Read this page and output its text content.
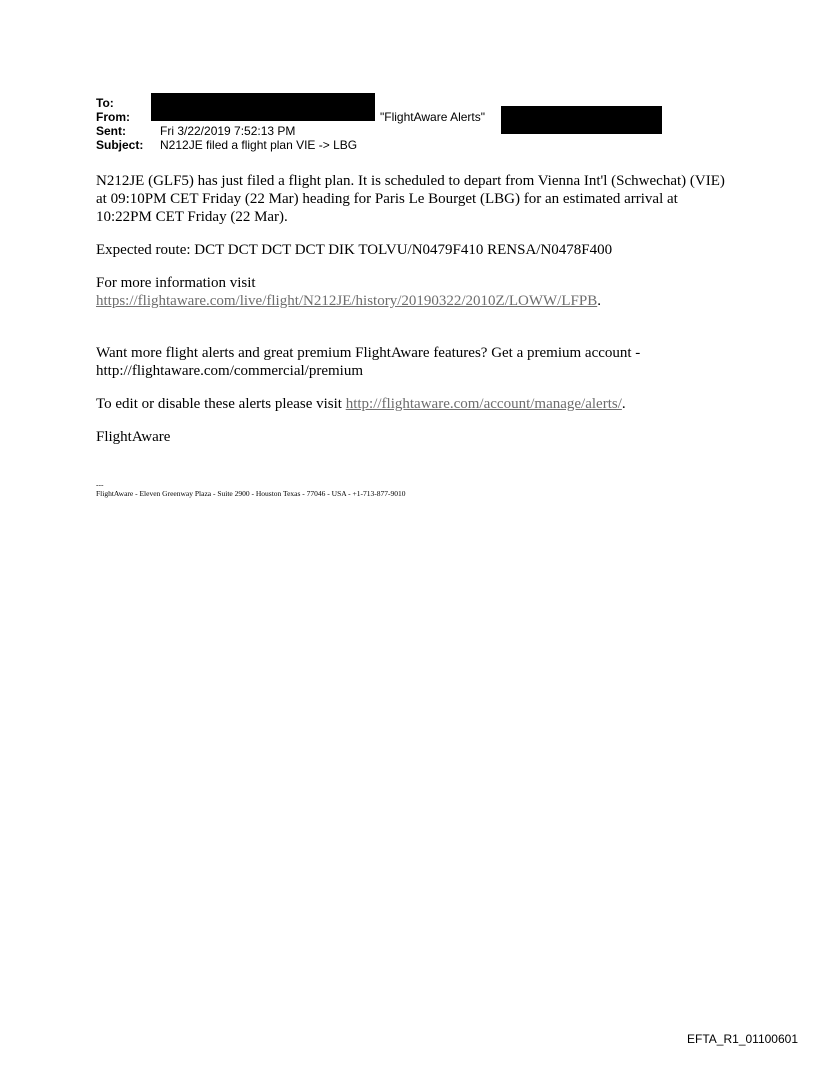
To:
From:	"FlightAware Alerts"
Sent:	Fri 3/22/2019 7:52:13 PM
Subject: N212JE filed a flight plan VIE -> LBG

N212JE (GLF5) has just filed a flight plan. It is scheduled to depart from Vienna Int'l (Schwechat) (VIE) at 09:10PM CET Friday (22 Mar) heading for Paris Le Bourget (LBG) for an estimated arrival at 10:22PM CET Friday (22 Mar).

Expected route: DCT DCT DCT DCT DIK TOLVU/N0479F410 RENSA/N0478F400

For more information visit
https://flightaware.com/live/flight/N212JE/history/20190322/2010Z/LOWW/LFPB.

Want more flight alerts and great premium FlightAware features? Get a premium account - http://flightaware.com/commercial/premium

To edit or disable these alerts please visit http://flightaware.com/account/manage/alerts/.

FlightAware

---
FlightAware - Eleven Greenway Plaza - Suite 2900 - Houston Texas - 77046 - USA - +1-713-877-9010
EFTA_R1_01100601
